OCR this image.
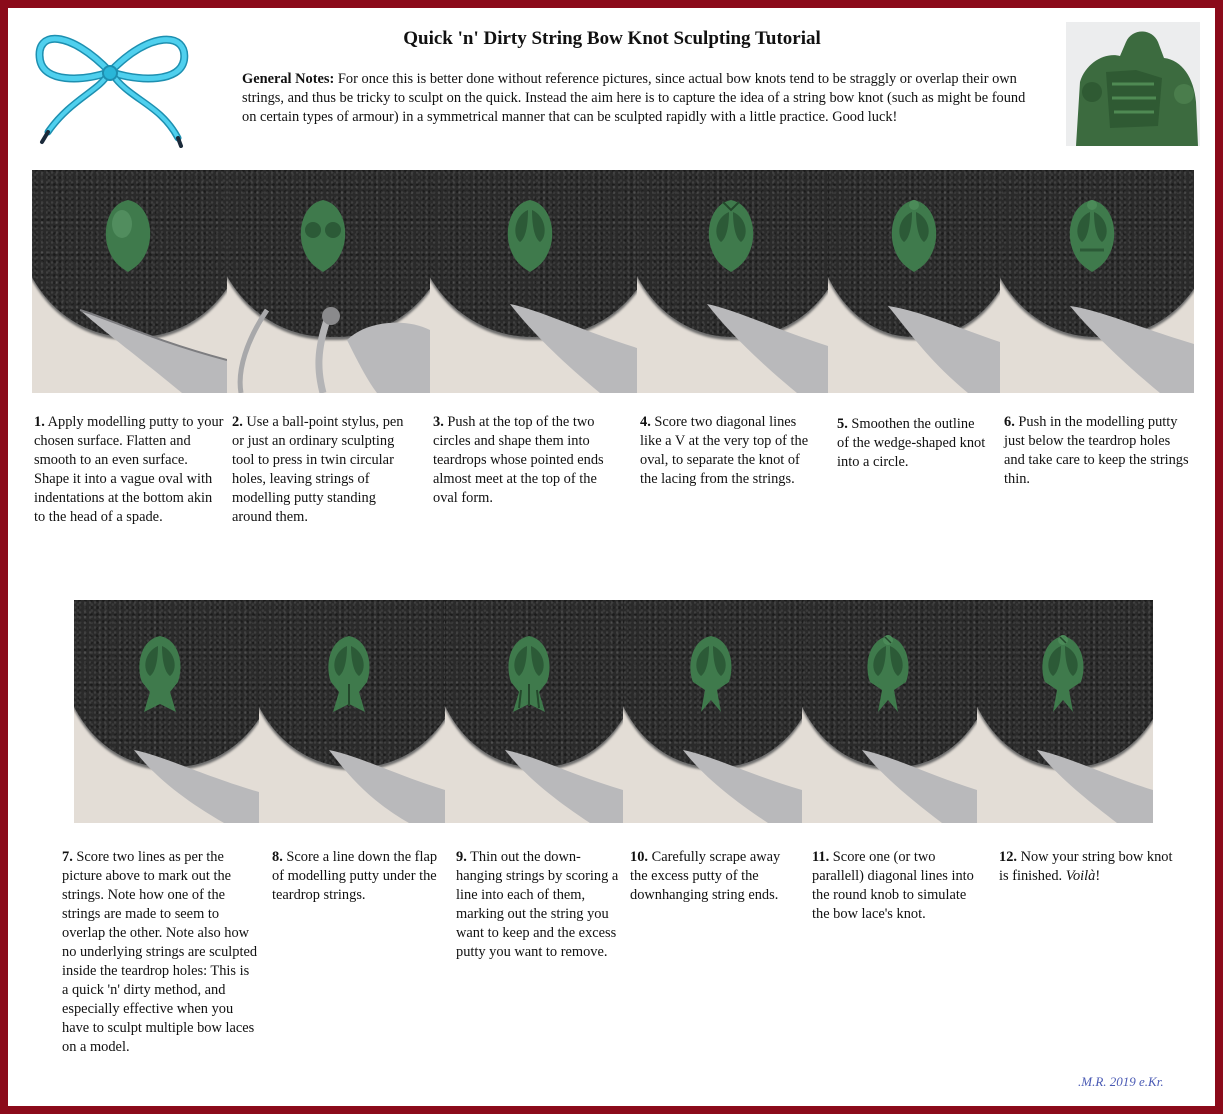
Quick 'n' Dirty String Bow Knot Sculpting Tutorial
General Notes: For once this is better done without reference pictures, since actual bow knots tend to be straggly or overlap their own strings, and thus be tricky to sculpt on the quick. Instead the aim here is to capture the idea of a string bow knot (such as might be found on certain types of armour) in a symmetrical manner that can be sculpted rapidly with a little practice. Good luck!
1. Apply modelling putty to your chosen surface. Flatten and smooth to an even surface. Shape it into a vague oval with indentations at the bottom akin to the head of a spade.
2. Use a ball-point stylus, pen or just an ordinary sculpting tool to press in twin circular holes, leaving strings of modelling putty standing around them.
3. Push at the top of the two circles and shape them into teardrops whose pointed ends almost meet at the top of the oval form.
4. Score two diagonal lines like a V at the very top of the oval, to separate the knot of the lacing from the strings.
5. Smoothen the outline of the wedge-shaped knot into a circle.
6. Push in the modelling putty just below the teardrop holes and take care to keep the strings thin.
7. Score two lines as per the picture above to mark out the strings. Note how one of the strings are made to seem to overlap the other. Note also how no underlying strings are sculpted inside the teardrop holes: This is a quick 'n' dirty method, and especially effective when you have to sculpt multiple bow laces on a model.
8. Score a line down the flap of modelling putty under the teardrop strings.
9. Thin out the down-hanging strings by scoring a line into each of them, marking out the string you want to keep and the excess putty you want to remove.
10. Carefully scrape away the excess putty of the downhanging string ends.
11. Score one (or two parallell) diagonal lines into the round knob to simulate the bow lace's knot.
12. Now your string bow knot is finished. Voilà!
.M.R. 2019 e.Kr.
